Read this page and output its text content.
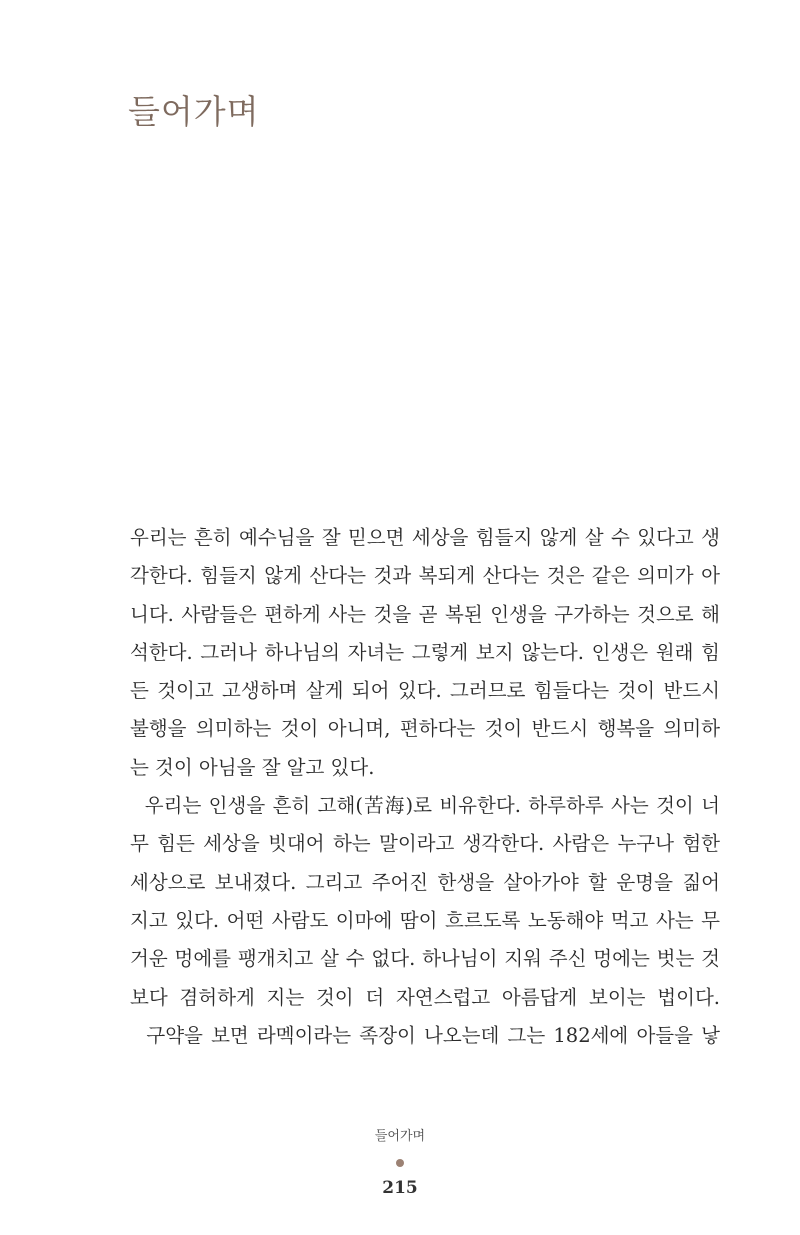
들어가며
우리는 흔히 예수님을 잘 믿으면 세상을 힘들지 않게 살 수 있다고 생
각한다. 힘들지 않게 산다는 것과 복되게 산다는 것은 같은 의미가 아
니다. 사람들은 편하게 사는 것을 곧 복된 인생을 구가하는 것으로 해
석한다. 그러나 하나님의 자녀는 그렇게 보지 않는다. 인생은 원래 힘
든 것이고 고생하며 살게 되어 있다. 그러므로 힘들다는 것이 반드시
불행을 의미하는 것이 아니며, 편하다는 것이 반드시 행복을 의미하
는 것이 아님을 잘 알고 있다.
우리는 인생을 흔히 고해(苦海)로 비유한다. 하루하루 사는 것이 너
무 힘든 세상을 빗대어 하는 말이라고 생각한다. 사람은 누구나 험한
세상으로 보내졌다. 그리고 주어진 한생을 살아가야 할 운명을 짊어
지고 있다. 어떤 사람도 이마에 땀이 흐르도록 노동해야 먹고 사는 무
거운 멍에를 팽개치고 살 수 없다. 하나님이 지워 주신 멍에는 벗는 것
보다 겸허하게 지는 것이 더 자연스럽고 아름답게 보이는 법이다.
구약을 보면 라멕이라는 족장이 나오는데 그는 182세에 아들을 낳
들어가며
215
